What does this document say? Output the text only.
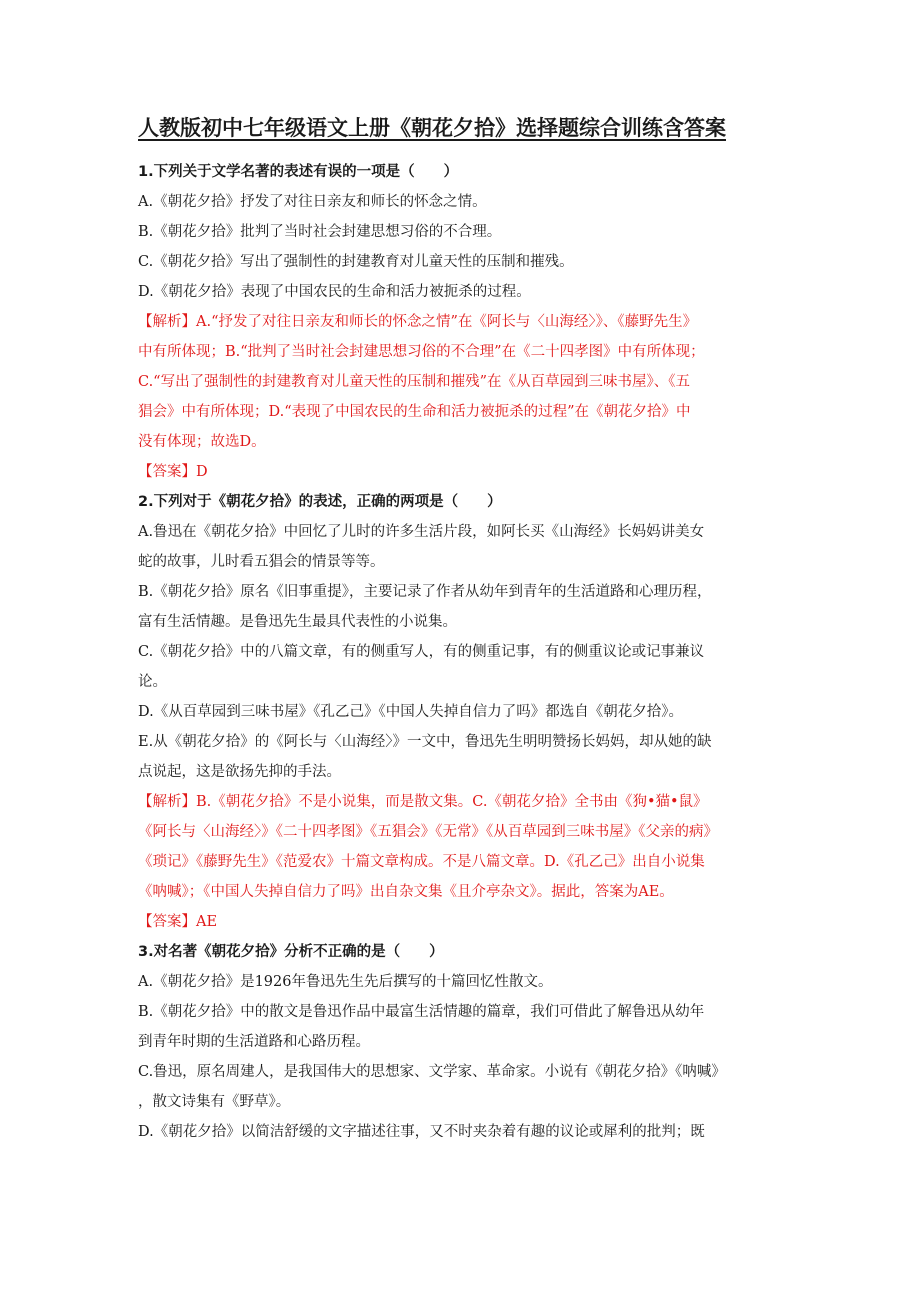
人教版初中七年级语文上册《朝花夕拾》选择题综合训练含答案
1.下列关于文学名著的表述有误的一项是（　　）
A.《朝花夕拾》抒发了对往日亲友和师长的怀念之情。
B.《朝花夕拾》批判了当时社会封建思想习俗的不合理。
C.《朝花夕拾》写出了强制性的封建教育对儿童天性的压制和摧残。
D.《朝花夕拾》表现了中国农民的生命和活力被扼杀的过程。
【解析】A.“抒发了对往日亲友和师长的怀念之情”在《阿长与〈山海经〉》、《藤野先生》
中有所体现；B.“批判了当时社会封建思想习俗的不合理”在《二十四孝图》中有所体现；
C.“写出了强制性的封建教育对儿童天性的压制和摧残”在《从百草园到三味书屋》、《五
猖会》中有所体现；D.“表现了中国农民的生命和活力被扼杀的过程”在《朝花夕拾》中
没有体现；故选D。
【答案】D
2.下列对于《朝花夕拾》的表述，正确的两项是（　　）
A.鲁迅在《朝花夕拾》中回忆了儿时的许多生活片段，如阿长买《山海经》长妈妈讲美女
蛇的故事，儿时看五猖会的情景等等。
B.《朝花夕拾》原名《旧事重提》，主要记录了作者从幼年到青年的生活道路和心理历程，
富有生活情趣。是鲁迅先生最具代表性的小说集。
C.《朝花夕拾》中的八篇文章，有的侧重写人，有的侧重记事，有的侧重议论或记事兼议
论。
D.《从百草园到三味书屋》《孔乙己》《中国人失掉自信力了吗》都选自《朝花夕拾》。
E.从《朝花夕拾》的《阿长与〈山海经〉》一文中，鲁迅先生明明赞扬长妈妈，却从她的缺
点说起，这是欲扬先抑的手法。
【解析】B.《朝花夕拾》不是小说集，而是散文集。C.《朝花夕拾》全书由《狗•猫•鼠》
《阿长与〈山海经〉》《二十四孝图》《五猖会》《无常》《从百草园到三味书屋》《父亲的病》
《琐记》《藤野先生》《范爱农》十篇文章构成。不是八篇文章。D.《孔乙己》出自小说集
《呐喊》；《中国人失掉自信力了吗》出自杂文集《且介亭杂文》。据此，答案为AE。
【答案】AE
3.对名著《朝花夕拾》分析不正确的是（　　）
A.《朝花夕拾》是1926年鲁迅先生先后撰写的十篇回忆性散文。
B.《朝花夕拾》中的散文是鲁迅作品中最富生活情趣的篇章，我们可借此了解鲁迅从幼年
到青年时期的生活道路和心路历程。
C.鲁迅，原名周建人，是我国伟大的思想家、文学家、革命家。小说有《朝花夕拾》《呐喊》
，散文诗集有《野草》。
D.《朝花夕拾》以简洁舒缓的文字描述往事，又不时夹杂着有趣的议论或犀利的批判；既
